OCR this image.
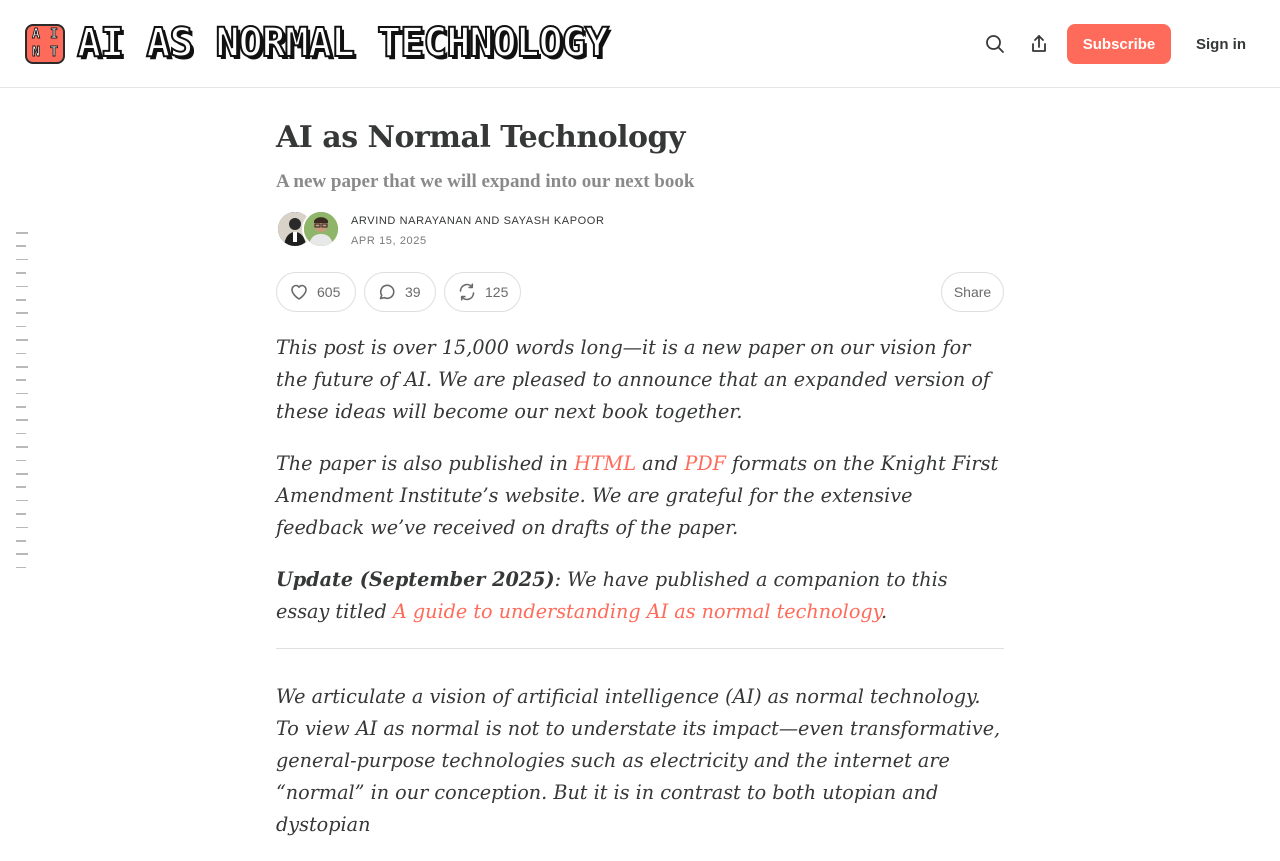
A I
N T AI AS NORMAL TECHNOLOGY	Subscribe	Sign in
AI as Normal Technology
A new paper that we will expand into our next book
ARVIND NARAYANAN AND SAYASH KAPOOR
APR 15, 2025
605	39	125	Share

This post is over 15,000 words long—it is a new paper on our vision for the future of AI. We are pleased to announce that an expanded version of these ideas will become our next book together.

The paper is also published in HTML and PDF formats on the Knight First Amendment Institute’s website. We are grateful for the extensive feedback we’ve received on drafts of the paper.

Update (September 2025): We have published a companion to this essay titled A guide to understanding AI as normal technology.

We articulate a vision of artificial intelligence (AI) as normal technology. To view AI as normal is not to understate its impact—even transformative, general-purpose technologies such as electricity and the internet are “normal” in our conception. But it is in contrast to both utopian and dystopian
